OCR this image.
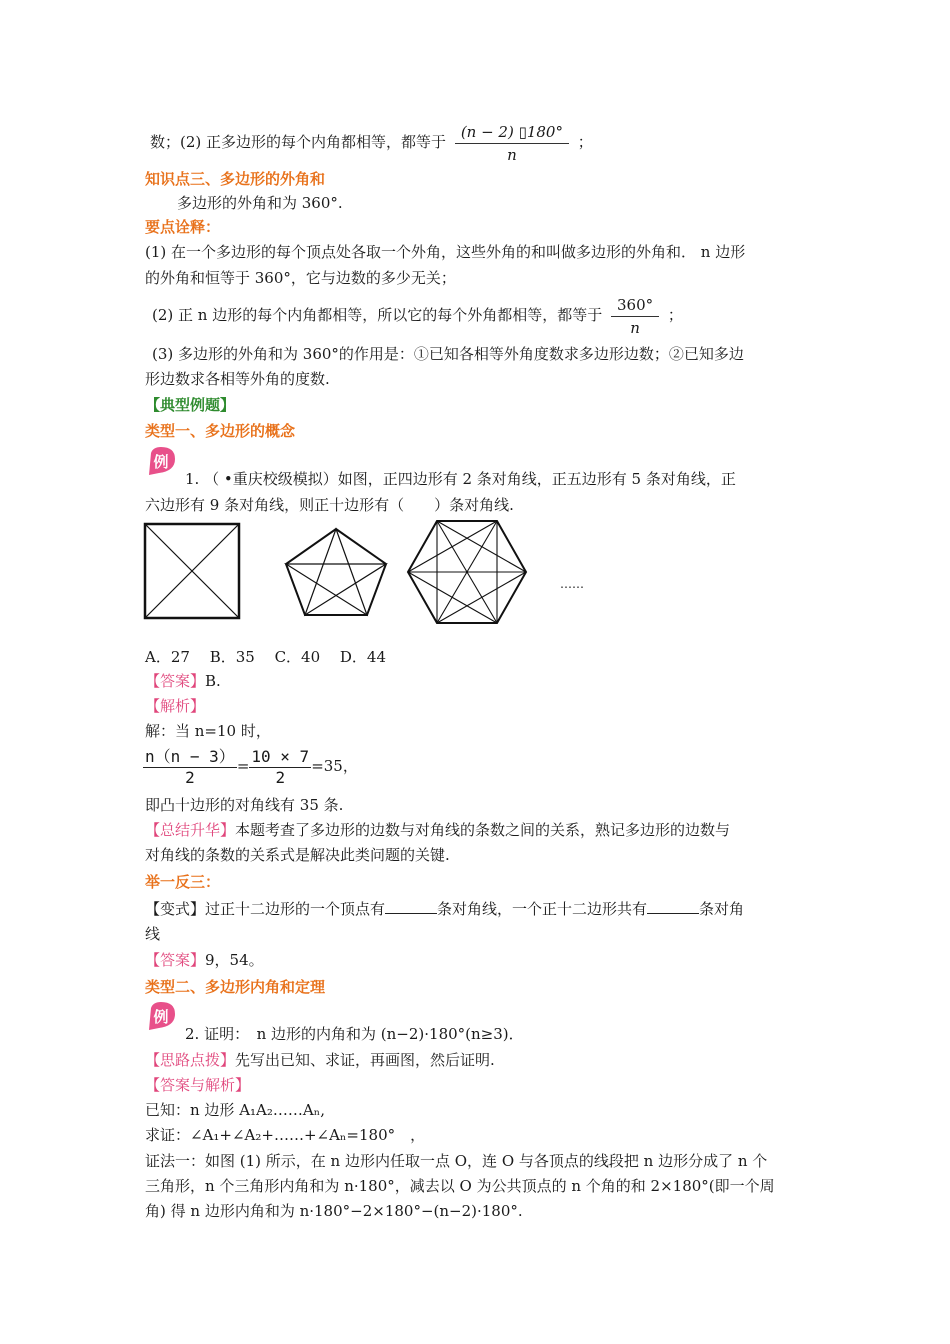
数；(2) 正多边形的每个内角都相等，都等于 $\frac{(n - 2) ▯180^\circ}{n}$ ；
知识点三、多边形的外角和
多边形的外角和为 360°.
要点诠释：
(1) 在一个多边形的每个顶点处各取一个外角，这些外角的和叫做多边形的外角和． n 边形
的外角和恒等于 360°，它与边数的多少无关；
(2) 正 n 边形的每个内角都相等，所以它的每个外角都相等，都等于 $\frac{360^\circ}{n}$ ；
(3) 多边形的外角和为 360°的作用是：①已知各相等外角度数求多边形边数；②已知多边
形边数求各相等外角的度数.
【典型例题】
类型一、多边形的概念
例
1. （ •重庆校级模拟）如图，正四边形有 2 条对角线，正五边形有 5 条对角线，正
六边形有 9 条对角线，则正十边形有（　　）条对角线.
……
A．27　 B．35　 C．40　 D．44
【答案】B.
【解析】
解：当 n=10 时，
$\frac{n(n - 3)}{2} = \frac{10 \times 7}{2} =35$，
即凸十边形的对角线有 35 条.
【总结升华】本题考查了多边形的边数与对角线的条数之间的关系，熟记多边形的边数与
对角线的条数的关系式是解决此类问题的关键.
举一反三：
【变式】过正十二边形的一个顶点有	条对角线，一个正十二边形共有	条对角
线
【答案】9，54。
类型二、多边形内角和定理
例
2. 证明：　n 边形的内角和为 (n−2)·180°(n≥3)．
【思路点拨】先写出已知、求证，再画图，然后证明.
【答案与解析】
已知：n 边形 A₁A₂……Aₙ,
求证：∠A₁+∠A₂+……+∠Aₙ=180°　，
证法一：如图 (1) 所示，在 n 边形内任取一点 O，连 O 与各顶点的线段把 n 边形分成了 n 个
三角形，n 个三角形内角和为 n·180°，减去以 O 为公共顶点的 n 个角的和 2×180°(即一个周
角) 得 n 边形内角和为 n·180°−2×180°−(n−2)·180°.
